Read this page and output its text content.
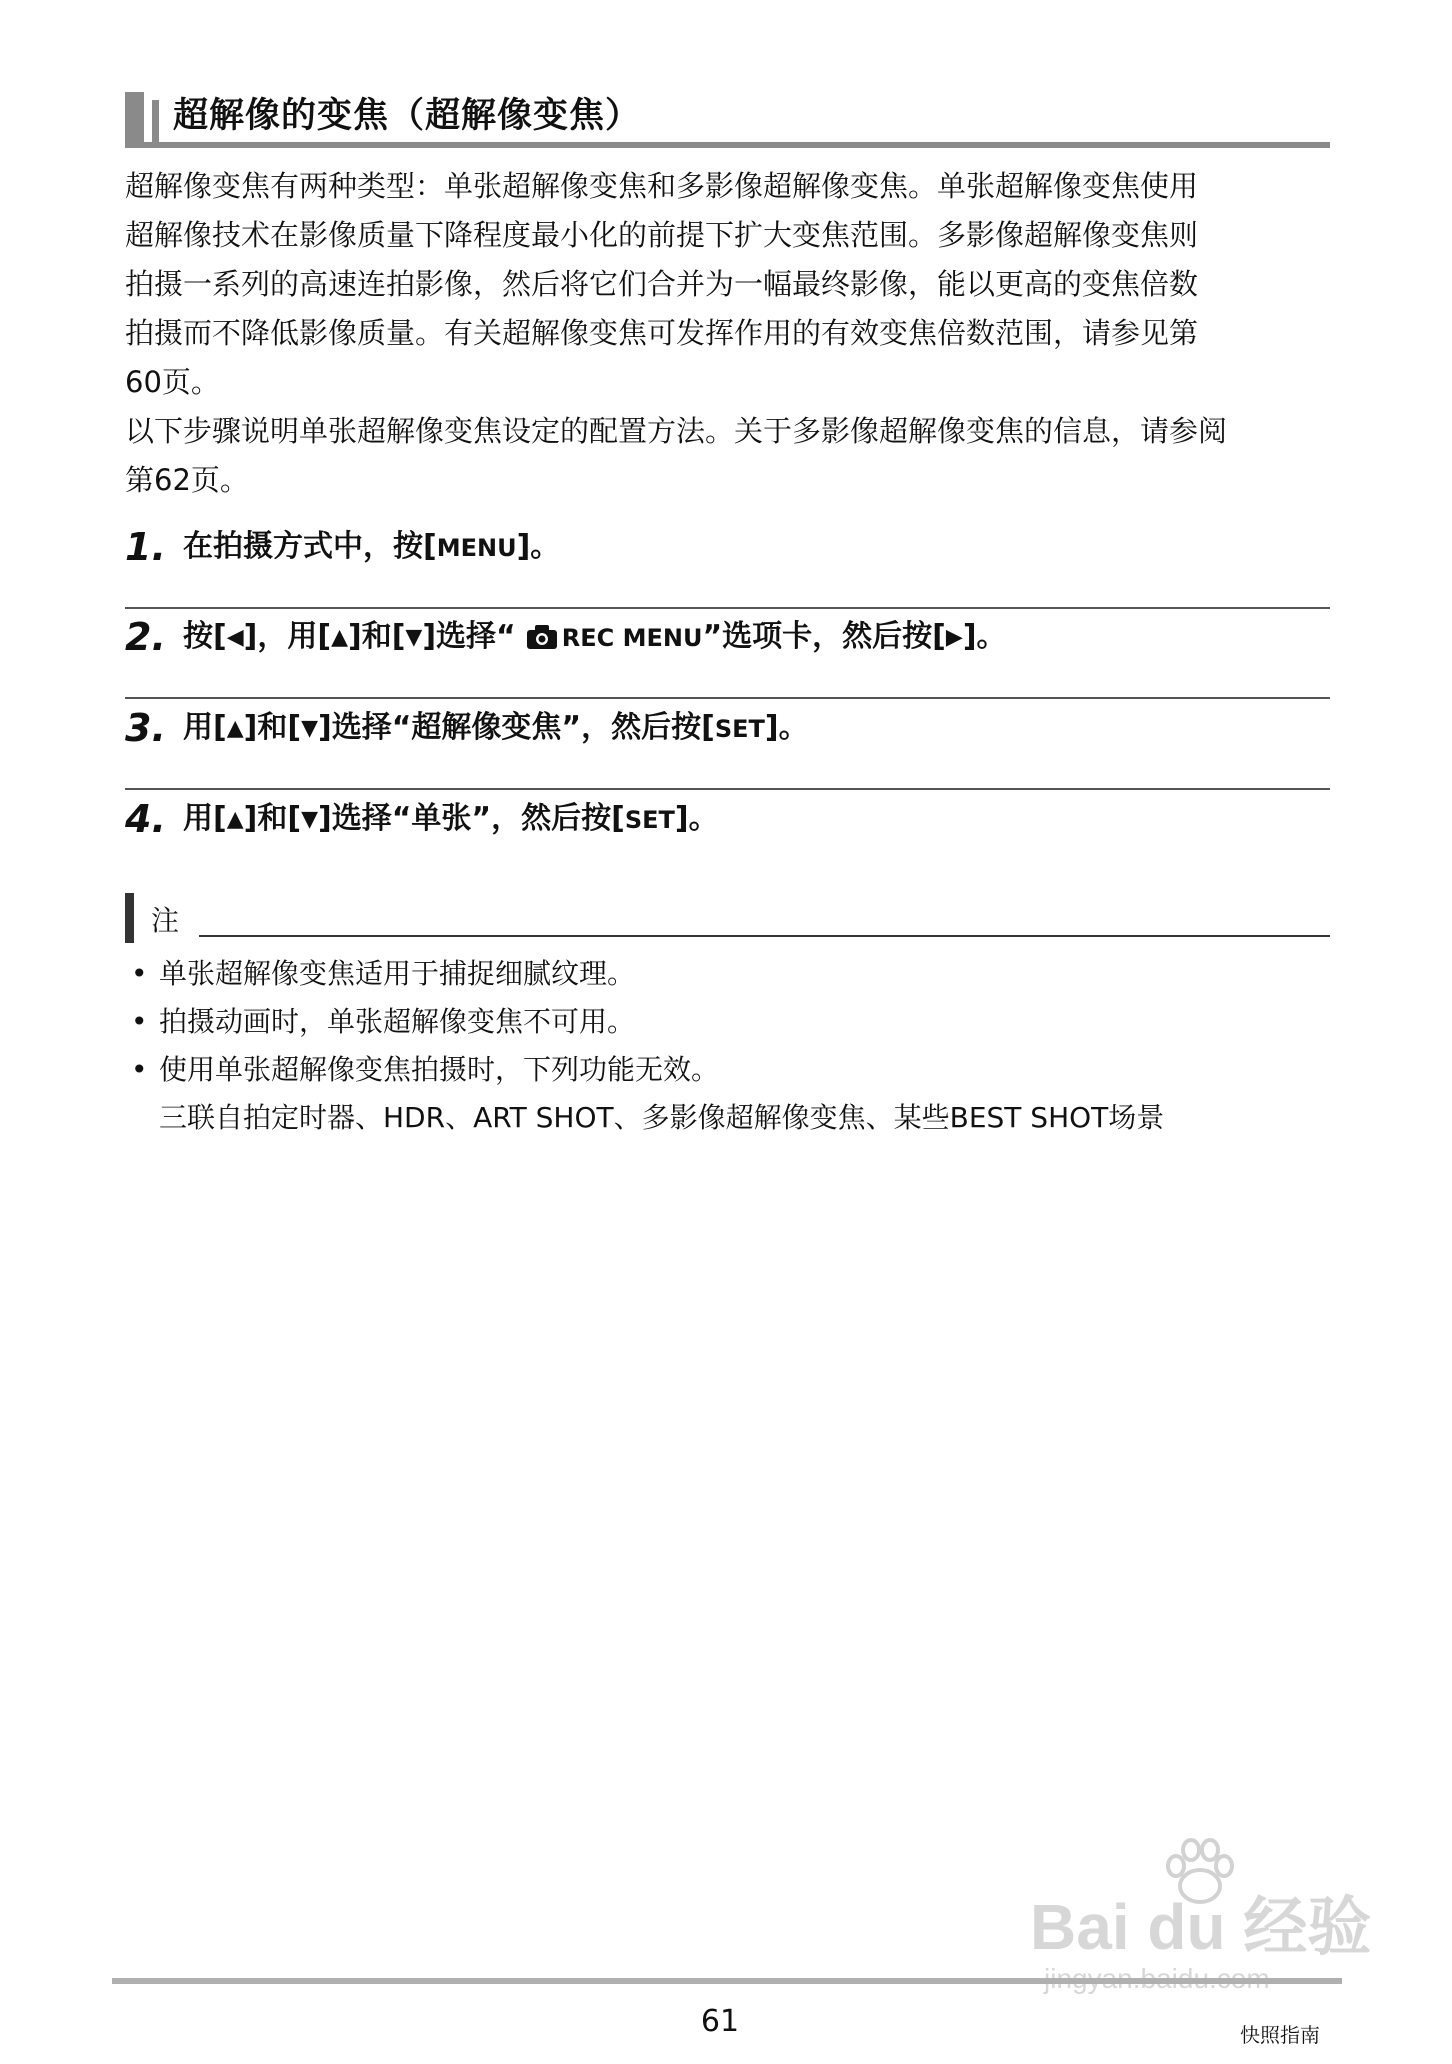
超解像的变焦（超解像变焦）

超解像变焦有两种类型：单张超解像变焦和多影像超解像变焦。单张超解像变焦使用

超解像技术在影像质量下降程度最小化的前提下扩大变焦范围。多影像超解像变焦则

拍摄一系列的高速连拍影像，然后将它们合并为一幅最终影像，能以更高的变焦倍数

拍摄而不降低影像质量。有关超解像变焦可发挥作用的有效变焦倍数范围，请参见第

60页。

以下步骤说明单张超解像变焦设定的配置方法。关于多影像超解像变焦的信息，请参阅

第62页。

1. 在拍摄方式中，按[MENU]。
2. 按[◀]，用[▲]和[▼]选择“ REC MENU”选项卡，然后按[▶]。
3. 用[▲]和[▼]选择“超解像变焦”，然后按[SET]。
4. 用[▲]和[▼]选择“单张”，然后按[SET]。
注
• 单张超解像变焦适用于捕捉细腻纹理。
• 拍摄动画时，单张超解像变焦不可用。
• 使用单张超解像变焦拍摄时，下列功能无效。
三联自拍定时器、HDR、ART SHOT、多影像超解像变焦、某些BEST SHOT场景
Bai du 经验
61	快照指南
